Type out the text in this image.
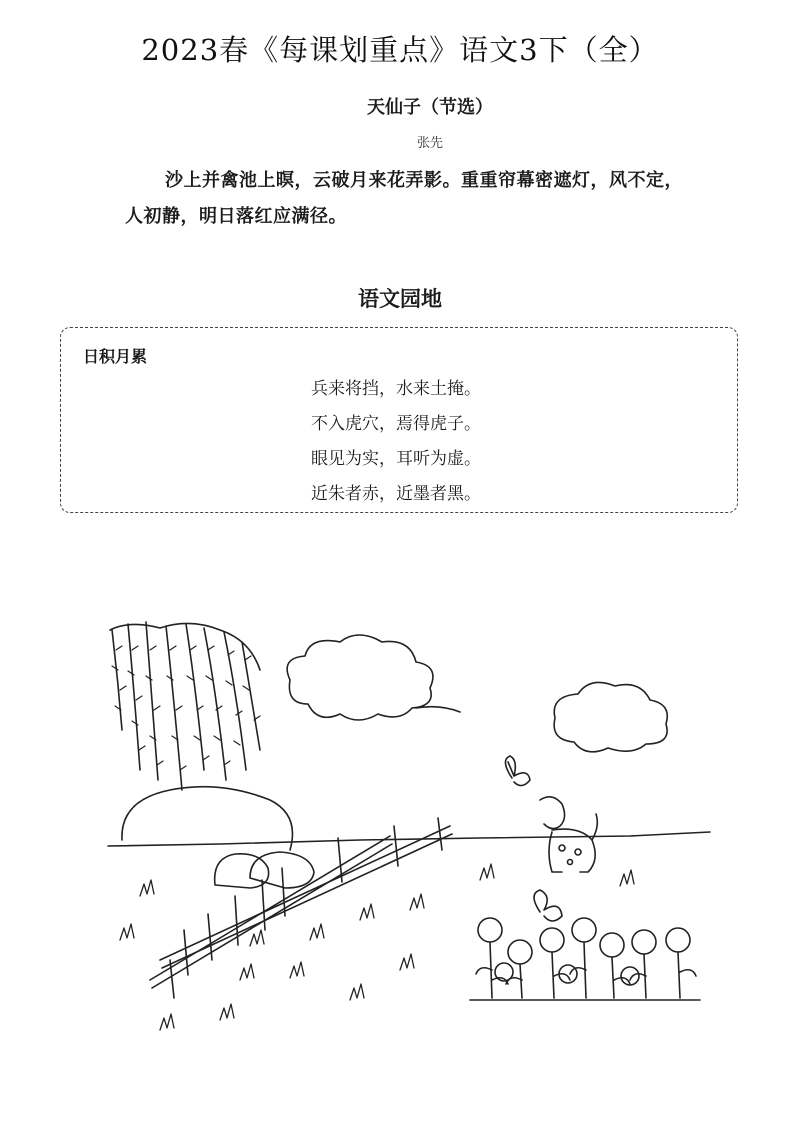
2023春《每课划重点》语文3下（全）
天仙子（节选）
张先

沙上并禽池上暝，云破月来花弄影。重重帘幕密遮灯，风不定，

人初静，明日落红应满径。

语文园地
日积月累
兵来将挡，水来土掩。
不入虎穴，焉得虎子。
眼见为实，耳听为虚。
近朱者赤，近墨者黑。
